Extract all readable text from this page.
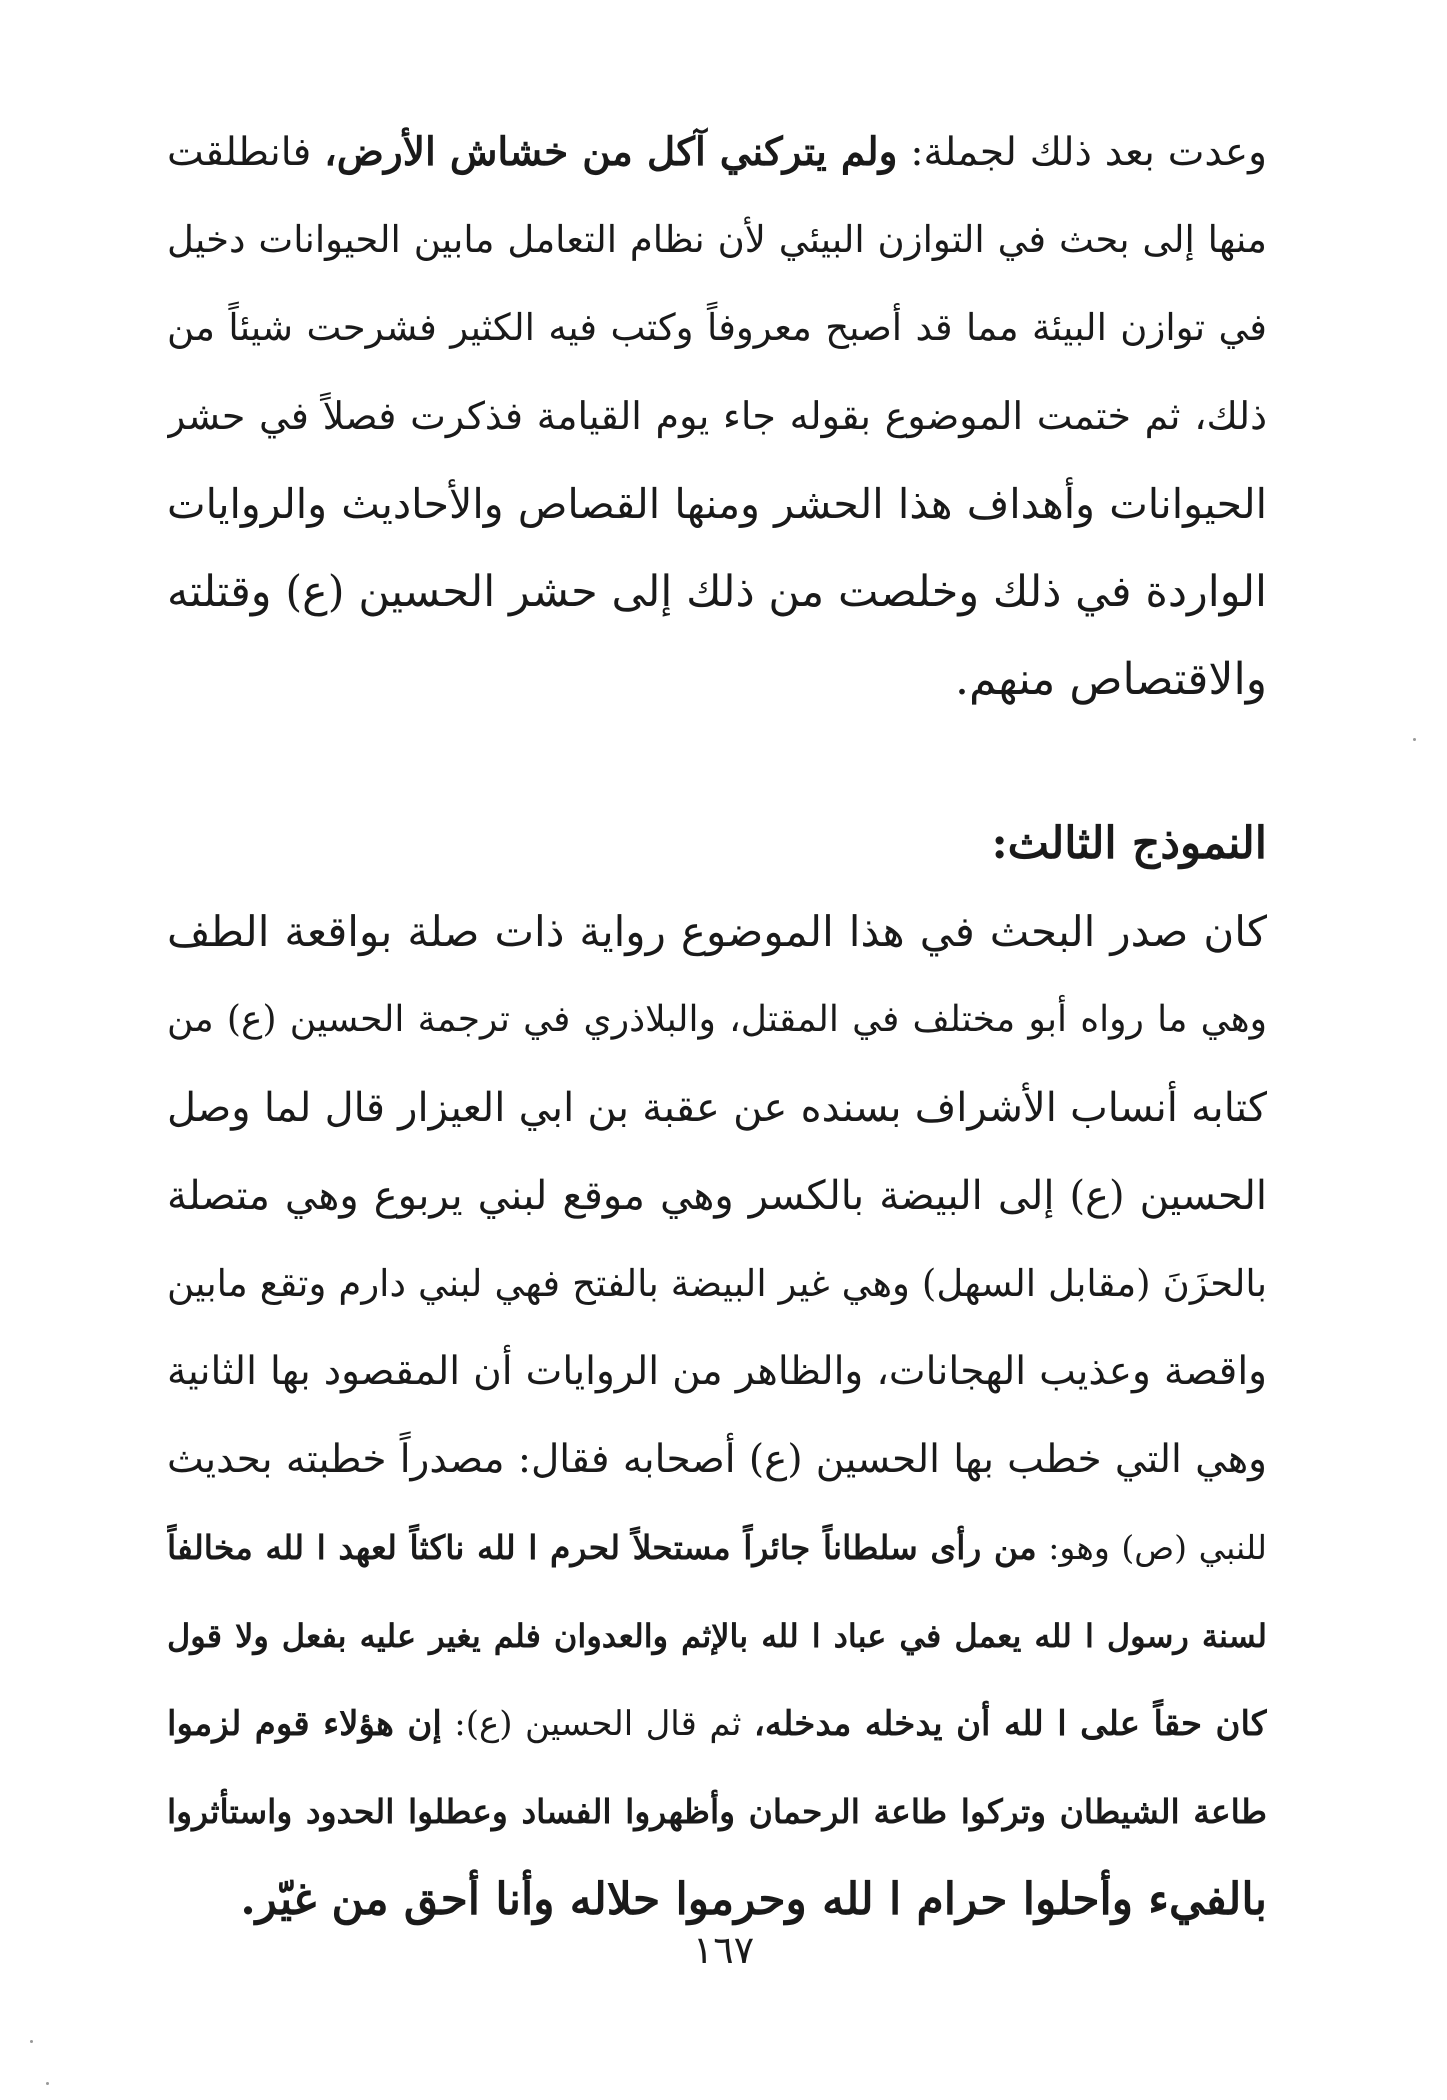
وعدت بعد ذلك لجملة: ولم يتركني آكل من خشاش الأرض، فانطلقت
منها إلى بحث في التوازن البيئي لأن نظام التعامل مابين الحيوانات دخيل
في توازن البيئة مما قد أصبح معروفاً وكتب فيه الكثير فشرحت شيئاً من
ذلك، ثم ختمت الموضوع بقوله جاء يوم القيامة فذكرت فصلاً في حشر
الحيوانات وأهداف هذا الحشر ومنها القصاص والأحاديث والروايات
الواردة في ذلك وخلصت من ذلك إلى حشر الحسين (ع) وقتلته
والاقتصاص منهم.
النموذج الثالث:
كان صدر البحث في هذا الموضوع رواية ذات صلة بواقعة الطف
وهي ما رواه أبو مختلف في المقتل، والبلاذري في ترجمة الحسين (ع) من
كتابه أنساب الأشراف بسنده عن عقبة بن ابي العيزار قال لما وصل
الحسين (ع) إلى البيضة بالكسر وهي موقع لبني يربوع وهي متصلة
بالحزَنَ (مقابل السهل) وهي غير البيضة بالفتح فهي لبني دارم وتقع مابين
واقصة وعذيب الهجانات، والظاهر من الروايات أن المقصود بها الثانية
وهي التي خطب بها الحسين (ع) أصحابه فقال: مصدراً خطبته بحديث
للنبي (ص) وهو: من رأى سلطاناً جائراً مستحلاً لحرم ا لله ناكثاً لعهد ا لله مخالفاً
لسنة رسول ا لله يعمل في عباد ا لله بالإثم والعدوان فلم يغير عليه بفعل ولا قول
كان حقاً على ا لله أن يدخله مدخله، ثم قال الحسين (ع): إن هؤلاء قوم لزموا
طاعة الشيطان وتركوا طاعة الرحمان وأظهروا الفساد وعطلوا الحدود واستأثروا
بالفيء وأحلوا حرام ا لله وحرموا حلاله وأنا أحق من غيّر.
١٦٧
